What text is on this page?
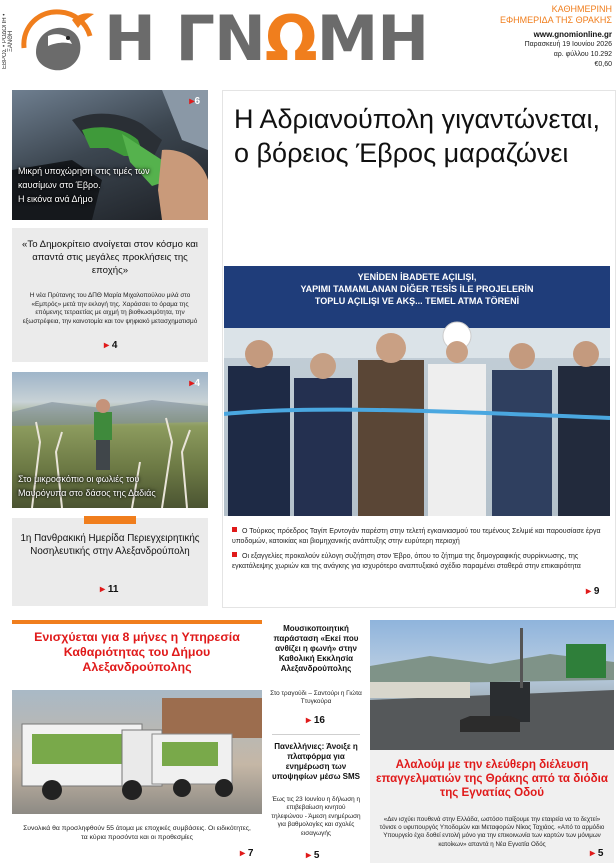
ΕΒΡΟΣ • ΡΟΔΟΠΗ • ΞΑΝΘΗ Η ΓΝΩΜΗ	ΚΑΘΗΜΕΡΙΝΗ
ΕΦΗΜΕΡΙΔΑ ΤΗΣ ΘΡΑΚΗΣ
www.gnomionline.gr
Παρασκευή 19 Ιουνίου 2026
αρ. φύλλου 10.292
€0,60
▸6
Μικρή υποχώρηση στις τιμές των
καυσίμων στο Έβρο.
Η εικόνα ανά Δήμο
«Το Δημοκρίτειο ανοίγεται στον κόσμο και απαντά στις μεγάλες προκλήσεις της εποχής»
Η νέα Πρύτανης του ΔΠΘ Μαρία Μιχαλοπούλου μιλά στο «Εμπρός» μετά την εκλογή της. Χαράσσει το όραμα της επόμενης τετραετίας με αιχμή τη βιοθιωσιμότητα, την εξωστρέφεια, την καινοτομία και τον ψηφιακό μετασχηματισμό
▸ 4
▸4
Στο μικροσκόπιο οι φωλιές του
Μαυρόγυπα στο δάσος της Δαδιάς
1η Πανθρακική Ημερίδα Περιεγχειρητικής Νοσηλευτικής στην Αλεξανδρούπολη
▸ 11
Η Αδριανούπολη γιγαντώνεται, ο βόρειος Έβρος μαραζώνει
YENİDEN İBADETE AÇILIŞI,
YAPIMI TAMAMLANAN DİĞER TESİS İLE PROJELERİN
TOPLU AÇILIŞI VE AKŞ... TEMEL ATMA TÖRENİ
Ο Τούρκος πρόεδρος Ταγίπ Ερντογάν παρέστη στην τελετή εγκαινιασμού του τεμένους Σελιμιέ και παρουσίασε έργα υποδομών, κατοικίας και βιομηχανικής ανάπτυξης στην ευρύτερη περιοχή
Οι εξαγγελίες προκαλούν εύλογη συζήτηση στον Έβρο, όπου το ζήτημα της δημογραφικής συρρίκνωσης, της εγκατάλειψης χωριών και της ανάγκης για ισχυρότερο αναπτυξιακό σχέδιο παραμένει σταθερά στην επικαιρότητα
▸ 9
Ενισχύεται για 8 μήνες η Υπηρεσία Καθαριότητας του Δήμου Αλεξανδρούπολης
Συνολικά θα προσληφθούν 55 άτομα με εποχικές συμβάσεις. Οι ειδικότητες, τα κύρια προσόντα και οι προθεσμίες
▸ 7
Μουσικοποιητική παράσταση «Εκεί που ανθίζει η φωνή» στην Καθολική Εκκλησία Αλεξανδρούπολης
Στο τραγούδι – Σαντούρι η Γιώτα Ττυγκούρα
▸ 16
Πανελλήνιες: Άνοιξε η πλατφόρμα για ενημέρωση των υποψηφίων μέσω SMS
Έως τις 23 Ιουνίου η δήλωση η επιβεβαίωση κινητού τηλεφώνου - Άμεση ενημέρωση για βαθμολογίες και σχολές εισαγωγής
▸ 5
Αλαλούμ με την ελεύθερη διέλευση επαγγελματιών της Θράκης από τα διόδια της Εγνατίας Οδού
«Δεν ισχύει πουθενά στην Ελλάδα, ωστόσο παίξουμε την εταιρεία να το δεχτεί» τόνισε ο υφυπουργός Υποδομών και Μεταφορών Νίκος Ταχιάος. «Από το αρμόδιο Υπουργείο έχει δοθεί εντολή μόνο για την επικοινωνία των καρτών των μόνιμων κατοίκων» απαντά η Νέα Εγνατία Οδός
▸ 5
